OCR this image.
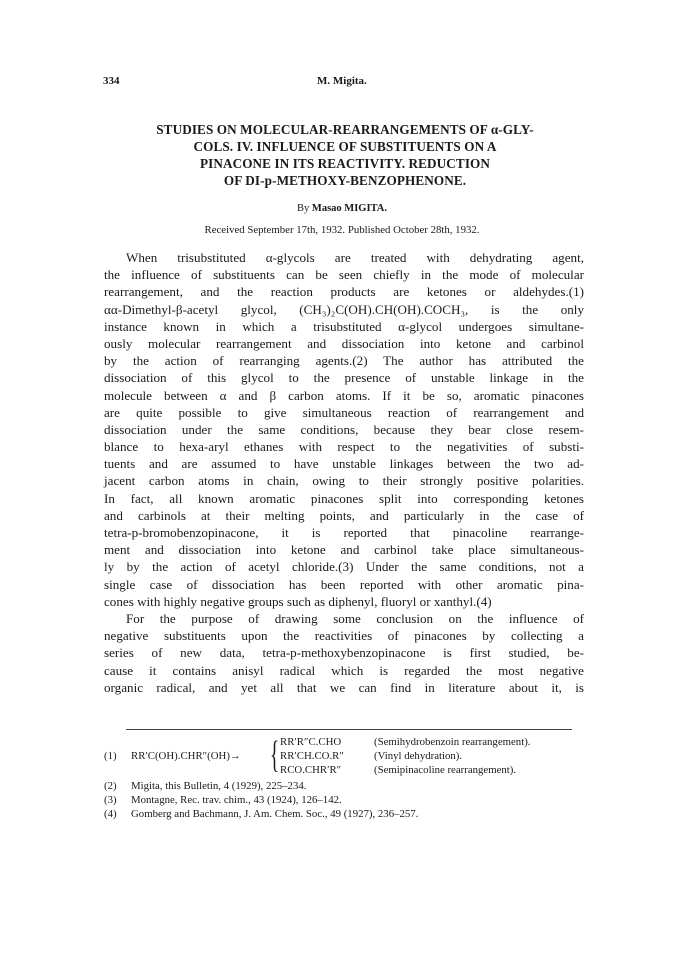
334	M. Migita.
STUDIES ON MOLECULAR-REARRANGEMENTS OF α-GLY-
COLS. IV. INFLUENCE OF SUBSTITUENTS ON A
PINACONE IN ITS REACTIVITY. REDUCTION
OF DI-p-METHOXY-BENZOPHENONE.
By Masao MIGITA.
Received September 17th, 1932. Published October 28th, 1932.
When trisubstituted α-glycols are treated with dehydrating agent,
the influence of substituents can be seen chiefly in the mode of molecular
rearrangement, and the reaction products are ketones or aldehydes.(1)
αα-Dimethyl-β-acetyl glycol, (CH₃)₂C(OH).CH(OH).COCH₃, is the only
instance known in which a trisubstituted α-glycol undergoes simultane-
ously molecular rearrangement and dissociation into ketone and carbinol
by the action of rearranging agents.(2) The author has attributed the
dissociation of this glycol to the presence of unstable linkage in the
molecule between α and β carbon atoms. If it be so, aromatic pinacones
are quite possible to give simultaneous reaction of rearrangement and
dissociation under the same conditions, because they bear close resem-
blance to hexa-aryl ethanes with respect to the negativities of substi-
tuents and are assumed to have unstable linkages between the two ad-
jacent carbon atoms in chain, owing to their strongly positive polarities.
In fact, all known aromatic pinacones split into corresponding ketones
and carbinols at their melting points, and particularly in the case of
tetra-p-bromobenzopinacone, it is reported that pinacoline rearrange-
ment and dissociation into ketone and carbinol take place simultaneous-
ly by the action of acetyl chloride.(3) Under the same conditions, not a
single case of dissociation has been reported with other aromatic pina-
cones with highly negative groups such as diphenyl, fluoryl or xanthyl.(4)
For the purpose of drawing some conclusion on the influence of
negative substituents upon the reactivities of pinacones by collecting a
series of new data, tetra-p-methoxybenzopinacone is first studied, be-
cause it contains anisyl radical which is regarded the most negative
organic radical, and yet all that we can find in literature about it, is
(1) RR′C(OH).CHR″(OH)→ { RR′R″C.CHO
RR′CH.CO.R″
RCO.CHR′R″
(Semihydrobenzoin rearrangement).
(Vinyl dehydration).
(Semipinacoline rearrangement).
(2) Migita, this Bulletin, 4 (1929), 225–234.
(3) Montagne, Rec. trav. chim., 43 (1924), 126–142.
(4) Gomberg and Bachmann, J. Am. Chem. Soc., 49 (1927), 236–257.
